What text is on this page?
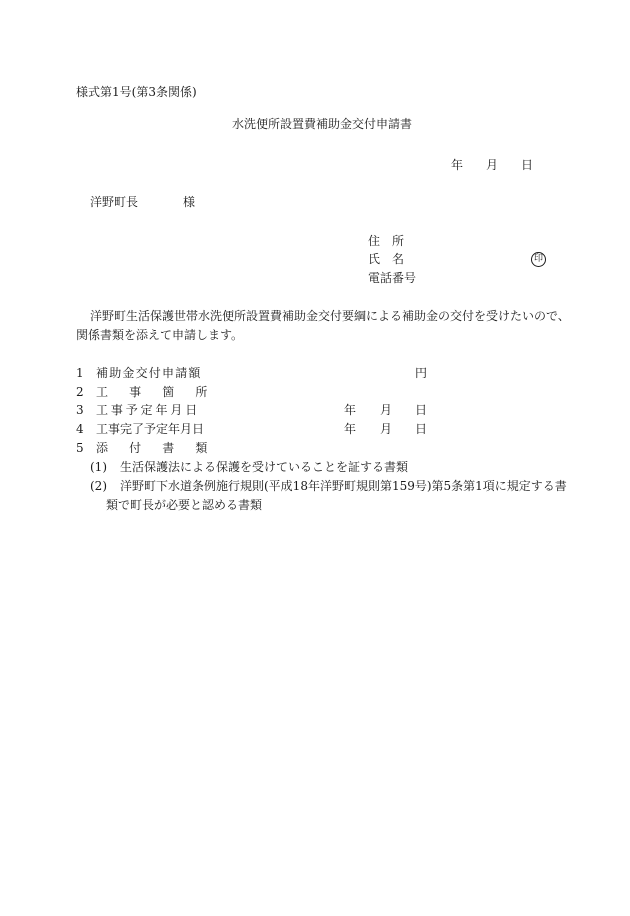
様式第1号(第3条関係)
水洗便所設置費補助金交付申請書
年 月 日
洋野町長	様
住　所
氏　名	印
電話番号
洋野町生活保護世帯水洗便所設置費補助金交付要綱による補助金の交付を受けたいので、
関係書類を添えて申請します。
1 補助金交付申請額	円
2 工　事　箇　所
3 工事予定年月日	年 月 日
4 工事完了予定年月日	年 月 日
5 添　付　書　類
(1) 生活保護法による保護を受けていることを証する書類
(2) 洋野町下水道条例施行規則(平成18年洋野町規則第159号)第5条第1項に規定する書
類で町長が必要と認める書類
